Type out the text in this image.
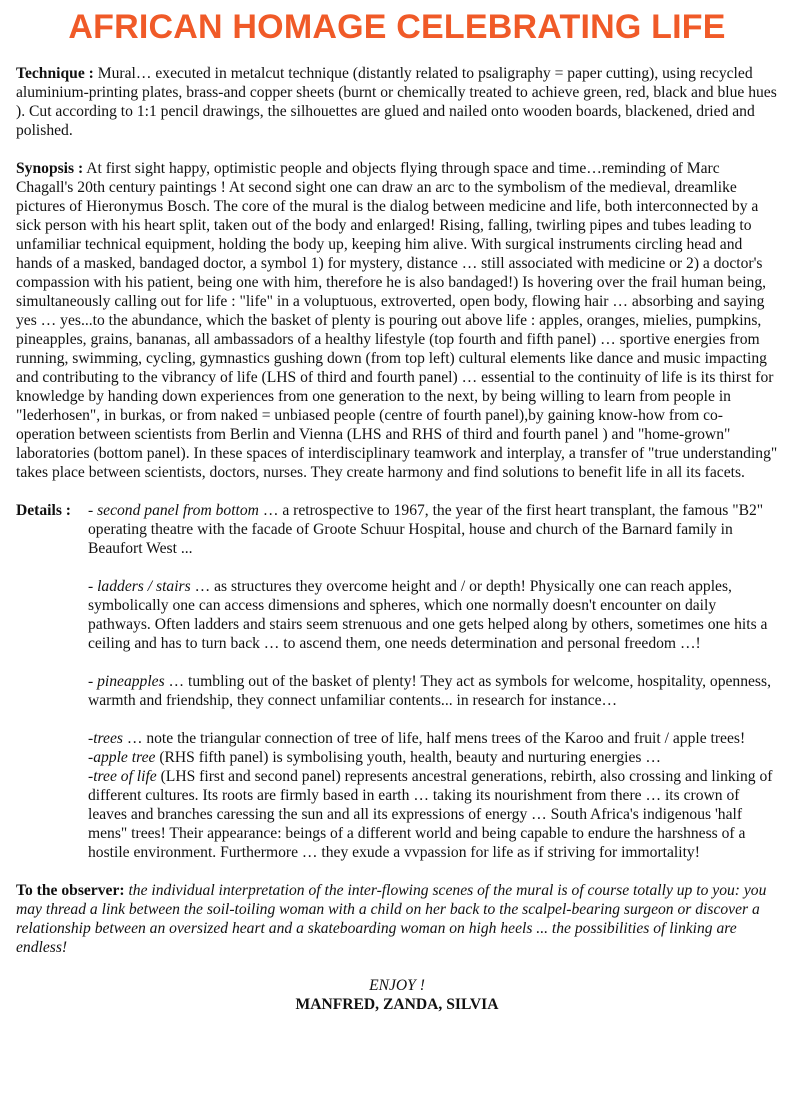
AFRICAN HOMAGE CELEBRATING LIFE

Technique : Mural… executed in metalcut technique (distantly related to psaligraphy = paper cutting), using recycled aluminium-printing plates, brass-and copper sheets (burnt or chemically treated to achieve green, red, black and blue hues ). Cut according to 1:1 pencil drawings, the silhouettes are glued and nailed onto wooden boards, blackened, dried and polished.

Synopsis : At first sight happy, optimistic people and objects flying through space and time…reminding of Marc Chagall's 20th century paintings ! At second sight one can draw an arc to the symbolism of the medieval, dreamlike pictures of Hieronymus Bosch. The core of the mural is the dialog between medicine and life, both interconnected by a sick person with his heart split, taken out of the body and enlarged! Rising, falling, twirling pipes and tubes leading to unfamiliar technical equipment, holding the body up, keeping him alive. With surgical instruments circling head and hands of a masked, bandaged doctor, a symbol 1) for mystery, distance … still associated with medicine or 2) a doctor's compassion with his patient, being one with him, therefore he is also bandaged!) Is hovering over the frail human being, simultaneously calling out for life : "life" in a voluptuous, extroverted, open body, flowing hair … absorbing and saying yes … yes...to the abundance, which the basket of plenty is pouring out above life : apples, oranges, mielies, pumpkins, pineapples, grains, bananas, all ambassadors of a healthy lifestyle (top fourth and fifth panel) … sportive energies from running, swimming, cycling, gymnastics gushing down (from top left) cultural elements like dance and music impacting and contributing to the vibrancy of life (LHS of third and fourth panel) … essential to the continuity of life is its thirst for knowledge by handing down experiences from one generation to the next, by being willing to learn from people in "lederhosen", in burkas, or from naked = unbiased people (centre of fourth panel),by gaining know-how from co-operation between scientists from Berlin and Vienna (LHS and RHS of third and fourth panel ) and "home-grown" laboratories (bottom panel). In these spaces of interdisciplinary teamwork and interplay, a transfer of "true understanding" takes place between scientists, doctors, nurses. They create harmony and find solutions to benefit life in all its facets.

Details :	- second panel from bottom … a retrospective to 1967, the year of the first heart transplant, the famous "B2" operating theatre with the facade of Groote Schuur Hospital, house and church of the Barnard family in Beaufort West ...

- ladders / stairs … as structures they overcome height and / or depth! Physically one can reach apples, symbolically one can access dimensions and spheres, which one normally doesn't encounter on daily pathways. Often ladders and stairs seem strenuous and one gets helped along by others, sometimes one hits a ceiling and has to turn back … to ascend them, one needs determination and personal freedom …!

- pineapples … tumbling out of the basket of plenty! They act as symbols for welcome, hospitality, openness, warmth and friendship, they connect unfamiliar contents... in research for instance…

-trees … note the triangular connection of tree of life, half mens trees of the Karoo and fruit / apple trees!

-apple tree (RHS fifth panel) is symbolising youth, health, beauty and nurturing energies …

-tree of life (LHS first and second panel) represents ancestral generations, rebirth, also crossing and linking of different cultures. Its roots are firmly based in earth … taking its nourishment from there … its crown of leaves and branches caressing the sun and all its expressions of energy … South Africa's indigenous 'half mens" trees! Their appearance: beings of a different world and being capable to endure the harshness of a hostile environment. Furthermore … they exude a vvpassion for life as if striving for immortality!

To the observer: the individual interpretation of the inter-flowing scenes of the mural is of course totally up to you: you may thread a link between the soil-toiling woman with a child on her back to the scalpel-bearing surgeon or discover a relationship between an oversized heart and a skateboarding woman on high heels ... the possibilities of linking are endless!

ENJOY !
MANFRED, ZANDA, SILVIA
